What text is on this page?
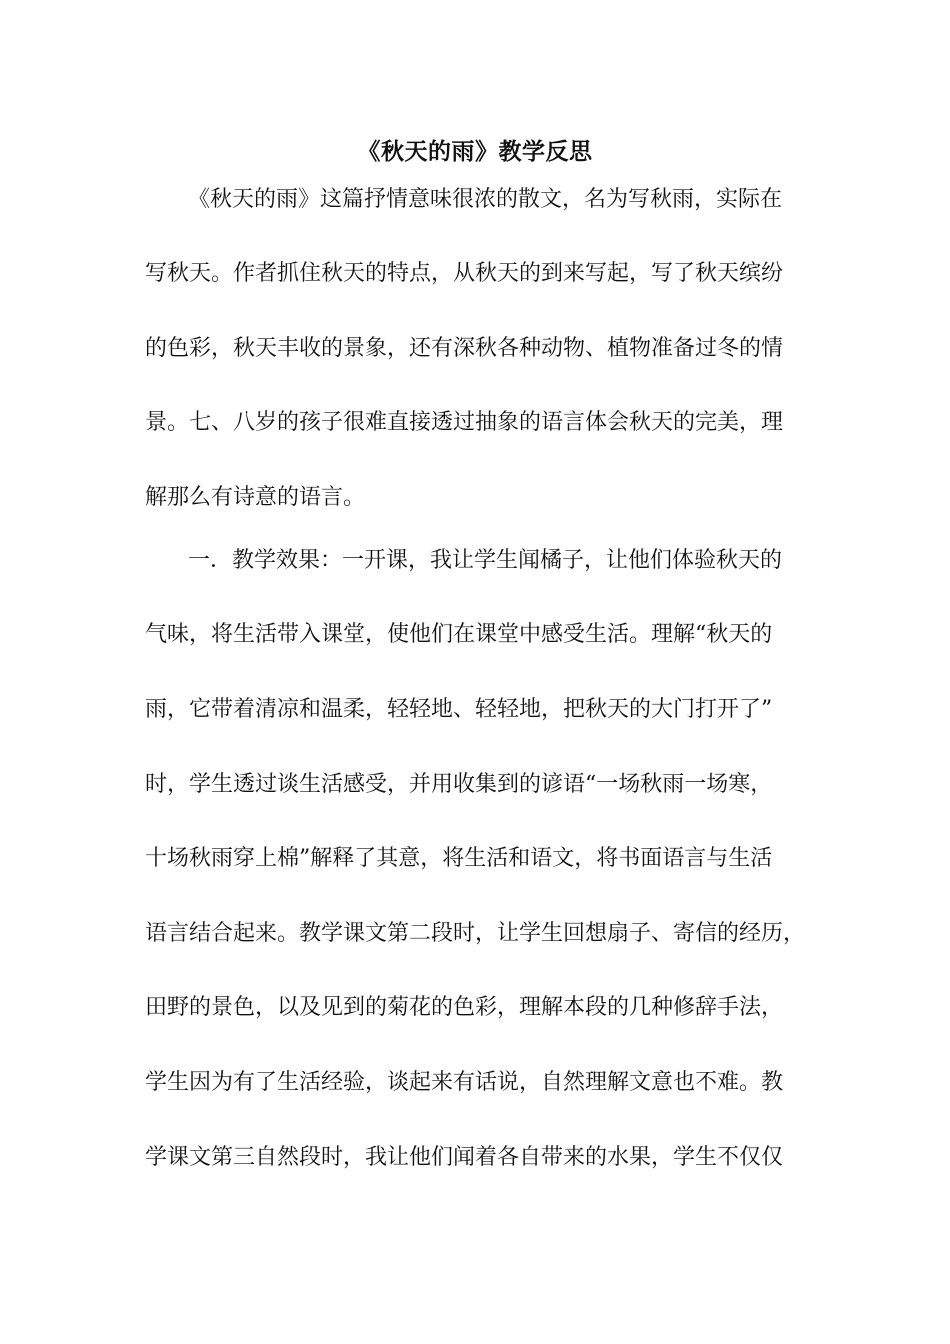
《秋天的雨》教学反思
《秋天的雨》这篇抒情意味很浓的散文，名为写秋雨，实际在
写秋天。作者抓住秋天的特点，从秋天的到来写起，写了秋天缤纷
的色彩，秋天丰收的景象，还有深秋各种动物、植物准备过冬的情
景。七、八岁的孩子很难直接透过抽象的语言体会秋天的完美，理
解那么有诗意的语言。
一．教学效果：一开课，我让学生闻橘子，让他们体验秋天的
气味，将生活带入课堂，使他们在课堂中感受生活。理解“秋天的
雨，它带着清凉和温柔，轻轻地、轻轻地，把秋天的大门打开了”
时，学生透过谈生活感受，并用收集到的谚语“一场秋雨一场寒，
十场秋雨穿上棉”解释了其意，将生活和语文，将书面语言与生活
语言结合起来。教学课文第二段时，让学生回想扇子、寄信的经历，
田野的景色，以及见到的菊花的色彩，理解本段的几种修辞手法，
学生因为有了生活经验，谈起来有话说，自然理解文意也不难。教
学课文第三自然段时，我让他们闻着各自带来的水果，学生不仅仅
